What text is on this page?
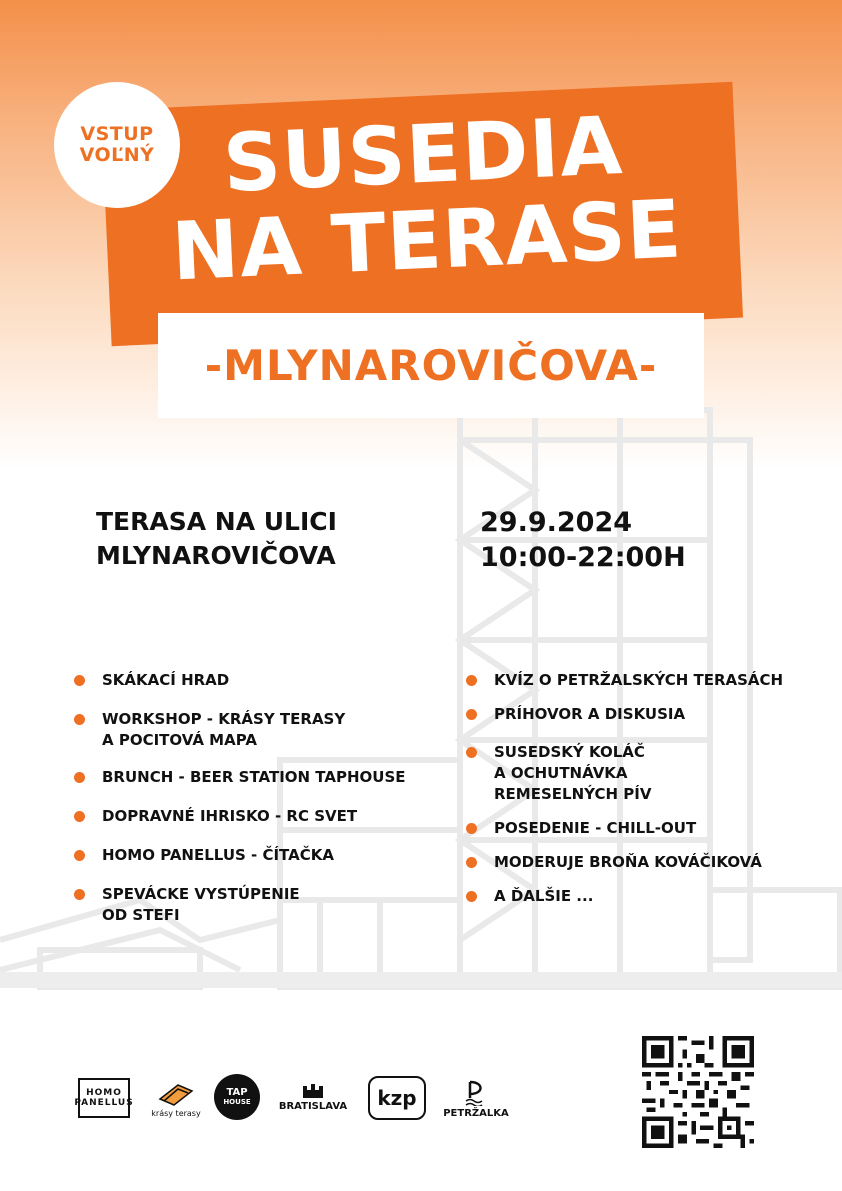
SUSEDIA
NA TERASE
VSTUP
VOĽNÝ
-MLYNAROVIČOVA-
TERASA NA ULICI
MLYNAROVIČOVA
29.9.2024
10:00-22:00H
SKÁKACÍ HRAD
WORKSHOP - KRÁSY TERASY
A POCITOVÁ MAPA
BRUNCH - BEER STATION TAPHOUSE
DOPRAVNÉ IHRISKO - RC SVET
HOMO PANELLUS - ČÍTAČKA
SPEVÁCKE VYSTÚPENIE
OD STEFI
KVÍZ O PETRŽALSKÝCH TERASÁCH
PRÍHOVOR A DISKUSIA
SUSEDSKÝ KOLÁČ
A OCHUTNÁVKA
REMESELNÝCH PÍV
POSEDENIE - CHILL-OUT
MODERUJE BROŇA KOVÁČIKOVÁ
A ĎALŠIE ...
HOMO PANELLUS
krásy terasy
TAP
HOUSE	BRATISLAVA kzp
PETRŽALKA
